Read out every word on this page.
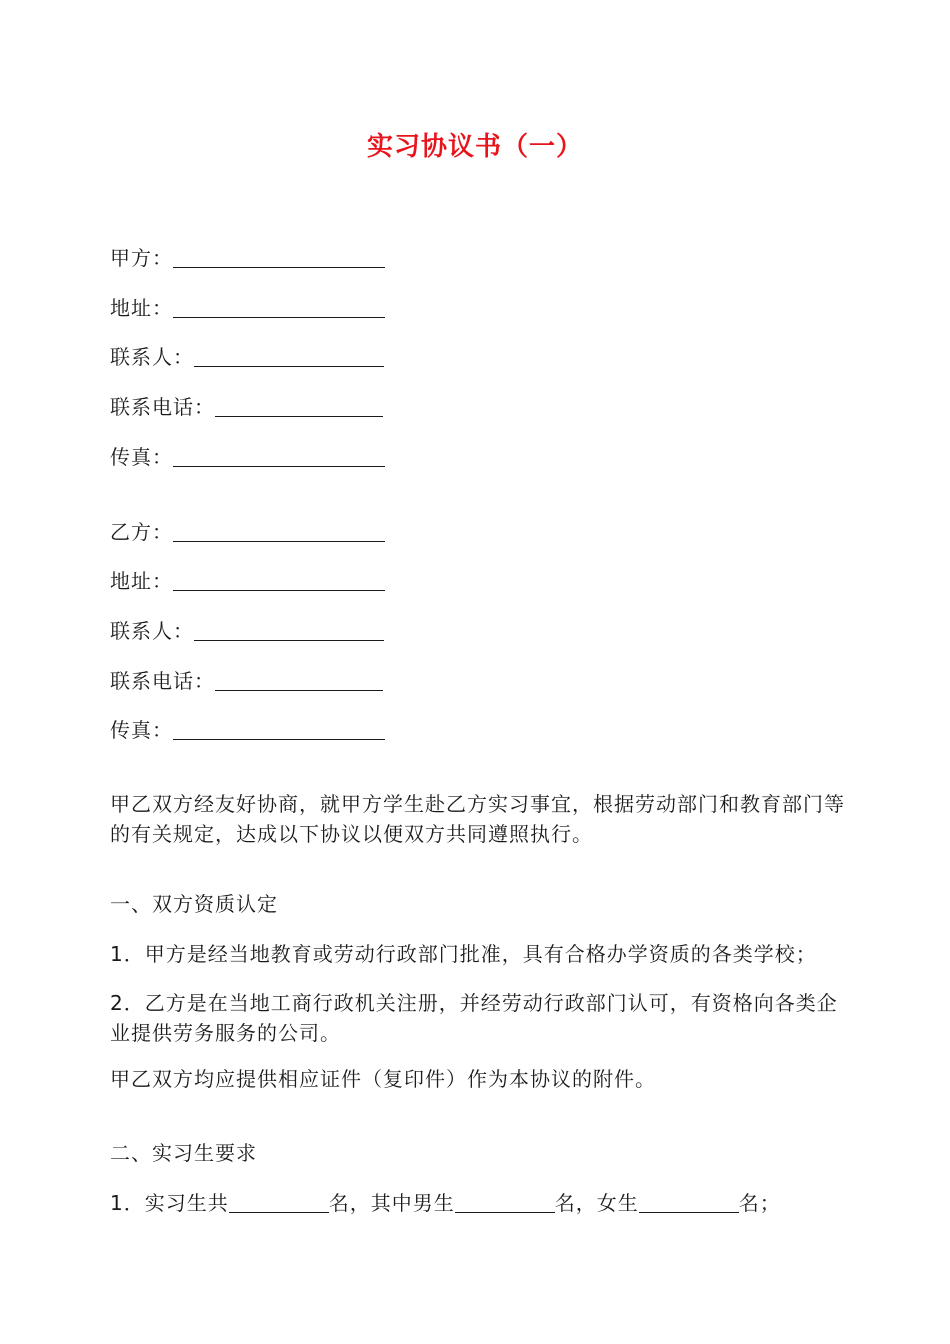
实习协议书（一）
甲方：
地址：
联系人：
联系电话：
传真：
乙方：
地址：
联系人：
联系电话：
传真：
甲乙双方经友好协商，就甲方学生赴乙方实习事宜，根据劳动部门和教育部门等的有关规定，达成以下协议以便双方共同遵照执行。
一、双方资质认定
1．甲方是经当地教育或劳动行政部门批准，具有合格办学资质的各类学校；
2．乙方是在当地工商行政机关注册，并经劳动行政部门认可，有资格向各类企业提供劳务服务的公司。
甲乙双方均应提供相应证件（复印件）作为本协议的附件。
二、实习生要求
1．实习生共	名，其中男生	名，女生	名；
